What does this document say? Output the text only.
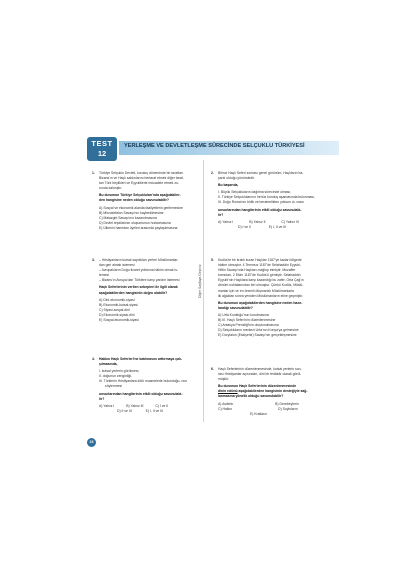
TEST
12
YERLEŞME VE DEVLETLEŞME SÜRECİNDE SELÇUKLU TÜRKİYESİ
Diğer Sayfaya Geçiniz
1. Türkiye Selçuklu Devleti, kuruluş döneminde bir taraftan

Bizans'ın ve Haçlı saldırılarını bertaraf etmek diğer taraf-

tan Türk beylikleri ve Eyyubilerle mücadele etmek zo-

runda kalmıştır.

Bu durumun Türkiye Selçukluları'nda aşağıdakiler-

den hangisine neden olduğu savunulabilir?

A) Sosyal ve ekonomik alanda faaliyetlerin gerilemesine

B) Mirvokefalon Savaşı'nın kaybedilmesine

C) Malazgirt Savaşı'nın kazanılmasına

D) Devlet teşkilatının oluşumunun hızlanmasına

E) Ülkenin hanedan üyeleri arasında paylaşılmasına

2. Birinci Haçlı Seferi sonrası genel görünüm, Haçlıların ba-

şarılı olduğu yönündedir.

Bu başarıda,

I. Büyük Selçukluların dağılma sürecinde olması,

II. Türkiye Selçuklularının henüz kuruluş aşamasında bulunması,

III. Doğu Roma'nın birlik ve beraberlikten yoksun ol- ması

unsurlarından hangilerinin etkili olduğu savunulabi-

lir?

A) Yalnız I	B) Yalnız II	C) Yalnız III

D) I ve II	E) I, II ve III

3. – Hristiyanların kutsal saydıkları yerleri Müslümanlar-

dan geri almak istemesi

– Avrupalıların Doğu ticaret yollarına hâkim olmak is-

temesi

– Bizans'ın Avrupa'dan Türklere karşı yardım istemesi

Haçlı Seferlerinin verilen sebepleri ile ilgili olarak

aşağıdakilerden hangisinin doğru olabilir?

A) Dinî-ekonomik-siyasi

B) Ekonomik-kutsal-siyasi

C) Siyasi-sosyal-dinî

D) Ekonomik-siyasi-dinî

E) Sosyal-ekonomik-siyasi

4. Hakkın Haçlı Seferleri'ne katılmasını arttırmaya çalı-

şılmasında,

I. kutsal yerlerin görülmesi,

II. doğunun zenginliği,

III. Türklerin Hristiyanlara kötü muamelede bulunduğu- nun söylenmesi

unsurlarından hangilerinin etkili olduğu savunulabi-

lir?

A) Yalnız I	B) Yalnız III	C) I ve II

D) II ve III	E) I, II ve III

5. Kudüs'te bir kralık kuran Haçlılar 1187'ye kadar bölgede

hâkim olmuştur. 4 Temmuz 1187'de Selahaddin Eyyubi,

Hittin Savaşı'nda Haçlıları mağlup etmiştir. Muzaffer

komutan, 2 Ekim 1187'de Kudüs'ü girmiştir. Selahaddin

Eyyubi'nin Haçlılara karşı kazandığı bu zafer, Orta Çağ'ın

dönüm noktalarından biri olmuştur. Çünkü Kudüs, Müslü-

manlar için ve en önemli düşmanlık Müslümanlarla

ilk ağaldan sonra yeniden Müslümanların eline geçmiştir.

Bu durumun aşağıdakilerden hangisine neden hazır-

landığı savunulabilir?

A) Urfa Kontluğu'nun kurulmasına

B) III. Haçlı Seferi'nin düzenlenmesine

C) Antakya Prensliği'nin oluşturulmasına

D) Selçukluların merkezi Urfa'nın Konya'ya gelmesine

E) Dorylaion (Eskişehir) Savaşı'nın gerçekleşmesine

6. Haçlı Seferlerinin düzenlenmesinde, kutsal yerlerin son-

rası Hristiyanlar açısından, dinî bir fedâkâr olarak görül-

müştür.

Bu durumun Haçlı Seferlerinin düzenlenmesinde

dinin rolünü aşağıdakilerden hangisinin desteğiyle sağ-

lanmasına yönelik olduğu savunulabilir?

A) Asilerin	B) Derebeylerin

C) Halkın	D) Soyluların

E) Kralların

23
